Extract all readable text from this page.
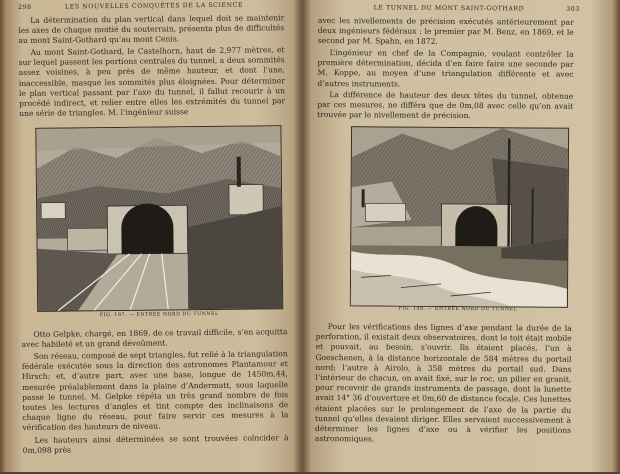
298	LES NOUVELLES CONQUÊTES DE LA SCIENCE

La détermination du plan vertical dans lequel doit se maintenir les axes de chaque moitié du souterrain, présenta plus de difficultés au mont Saint-Gothard qu’au mont Cenis.

Au mont Saint-Gothard, le Castelhorn, haut de 2,977 mètres, et sur lequel passent les portions centrales du tunnel, a deux sommités assez voisines, à peu près de même hauteur, et dont l’une, inaccessible, masque les sommités plus éloignées. Pour déterminer le plan vertical passant par l’axe du tunnel, il fallut recourir à un procédé indirect, et relier entre elles les extrémités du tunnel par une série de triangles. M. l’ingénieur suisse

FIG. 197. — ENTRÉE NORD DU TUNNEL

Otto Gelpke, chargé, en 1869, de ce travail difficile, s’en acquitta avec habileté et un grand dévoûment.

Son réseau, composé de sept triangles, fut relié à la triangulation fédérale exécutée sous la direction des astronomes Plantamour et Hirsch; et, d’autre part, avec une base, longue de 1450m,44, mesurée préalablement dans la plaine d’Andermatt, sous laquelle passe le tunnel. M. Gelpke répéta un très grand nombre de fois toutes les lectures d’angles et tint compte des inclinaisons de chaque ligne du réseau, pour faire servir ces mesures à la vérification des hauteurs de niveau.

Les hauteurs ainsi déterminées se sont trouvées coïncider à 0m,098 près

LE TUNNEL DU MONT SAINT-GOTHARD	303

avec les nivellements de précision exécutés antérieurement par deux ingénieurs fédéraux : le premier par M. Benz, en 1869, et le second par M. Spahn, en 1872.

L’ingénieur en chef de la Compagnie, voulant contrôler la première détermination, décida d’en faire faire une seconde par M. Koppe, au moyen d’une triangulation différente et avec d’autres instruments.

La différence de hauteur des deux têtes du tunnel, obtenue par ces mesures, ne différa que de 0m,08 avec celle qu’on avait trouvée par le nivellement de précision.

FIG. 198. — ENTRÉE NORD DU TUNNEL

Pour les vérifications des lignes d’axe pendant la durée de la perforation, il existait deux observatoires, dont le toit était mobile et pouvait, au besoin, s’ouvrir. Ils étaient placés, l’un à Goeschenen, à la distance horizontale de 584 mètres du portail nord; l’autre à Airolo, à 358 mètres du portail sud. Dans l’intérieur de chacun, on avait fixé, sur le roc, un pilier en granit, pour recevoir de grands instruments de passage, dont la lunette avait 14° 36 d’ouverture et 0m,60 de distance focale. Ces lunettes étaient placées sur le prolongement de l’axe de la partie du tunnel qu’elles devaient diriger. Elles servaient successivement à déterminer les lignes d’axe ou à vérifier les positions astronomiques.
